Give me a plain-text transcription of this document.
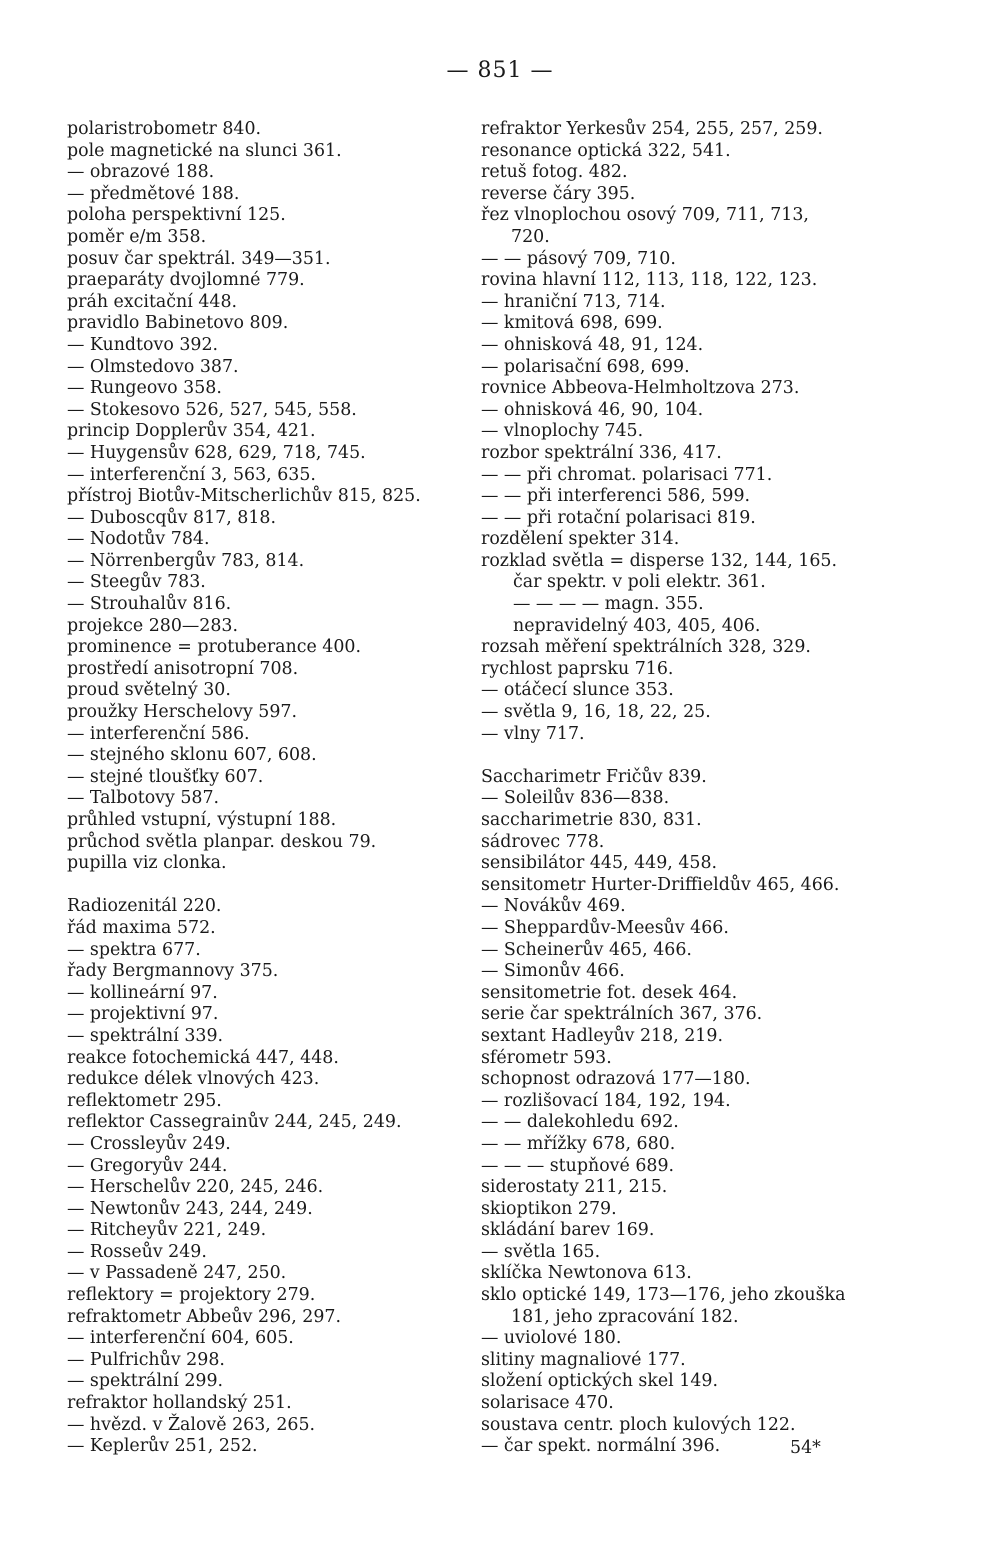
— 851 —
polaristrobometr 840.
pole magnetické na slunci 361.
— obrazové 188.
— předmětové 188.
poloha perspektivní 125.
poměr e/m 358.
posuv čar spektrál. 349—351.
praeparáty dvojlomné 779.
práh excitační 448.
pravidlo Babinetovo 809.
— Kundtovo 392.
— Olmstedovo 387.
— Rungeovo 358.
— Stokesovo 526, 527, 545, 558.
princip Dopplerův 354, 421.
— Huygensův 628, 629, 718, 745.
— interferenční 3, 563, 635.
přístroj Biotův-Mitscherlichův 815, 825.
— Duboscqův 817, 818.
— Nodotův 784.
— Nörrenbergův 783, 814.
— Steegův 783.
— Strouhalův 816.
projekce 280—283.
prominence = protuberance 400.
prostředí anisotropní 708.
proud světelný 30.
proužky Herschelovy 597.
— interferenční 586.
— stejného sklonu 607, 608.
— stejné tloušťky 607.
— Talbotovy 587.
průhled vstupní, výstupní 188.
průchod světla planpar. deskou 79.
pupilla viz clonka.
Radiozenitál 220.
řád maxima 572.
— spektra 677.
řady Bergmannovy 375.
— kollineární 97.
— projektivní 97.
— spektrální 339.
reakce fotochemická 447, 448.
redukce délek vlnových 423.
reflektometr 295.
reflektor Cassegrainův 244, 245, 249.
— Crossleyův 249.
— Gregoryův 244.
— Herschelův 220, 245, 246.
— Newtonův 243, 244, 249.
— Ritcheyův 221, 249.
— Rosseův 249.
— v Passadeně 247, 250.
reflektory = projektory 279.
refraktometr Abbeův 296, 297.
— interferenční 604, 605.
— Pulfrichův 298.
— spektrální 299.
refraktor hollandský 251.
— hvězd. v Žalově 263, 265.
— Keplerův 251, 252.
refraktor Yerkesův 254, 255, 257, 259.
resonance optická 322, 541.
retuš fotog. 482.
reverse čáry 395.
řez vlnoplochou osový 709, 711, 713,
720.
— — pásový 709, 710.
rovina hlavní 112, 113, 118, 122, 123.
— hraniční 713, 714.
— kmitová 698, 699.
— ohnisková 48, 91, 124.
— polarisační 698, 699.
rovnice Abbeova-Helmholtzova 273.
— ohnisková 46, 90, 104.
— vlnoplochy 745.
rozbor spektrální 336, 417.
— — při chromat. polarisaci 771.
— — při interferenci 586, 599.
— — při rotační polarisaci 819.
rozdělení spekter 314.
rozklad světla = disperse 132, 144, 165.
čar spektr. v poli elektr. 361.
— — — — magn. 355.
nepravidelný 403, 405, 406.
rozsah měření spektrálních 328, 329.
rychlost paprsku 716.
— otáčecí slunce 353.
— světla 9, 16, 18, 22, 25.
— vlny 717.
Saccharimetr Fričův 839.
— Soleilův 836—838.
saccharimetrie 830, 831.
sádrovec 778.
sensibilátor 445, 449, 458.
sensitometr Hurter-Driffieldův 465, 466.
— Novákův 469.
— Sheppardův-Meesův 466.
— Scheinerův 465, 466.
— Simonův 466.
sensitometrie fot. desek 464.
serie čar spektrálních 367, 376.
sextant Hadleyův 218, 219.
sférometr 593.
schopnost odrazová 177—180.
— rozlišovací 184, 192, 194.
— — dalekohledu 692.
— — mřížky 678, 680.
— — — stupňové 689.
siderostaty 211, 215.
skioptikon 279.
skládání barev 169.
— světla 165.
sklíčka Newtonova 613.
sklo optické 149, 173—176, jeho zkouška
181, jeho zpracování 182.
— uviolové 180.
slitiny magnaliové 177.
složení optických skel 149.
solarisace 470.
soustava centr. ploch kulových 122.
— čar spekt. normální 396.	54*
